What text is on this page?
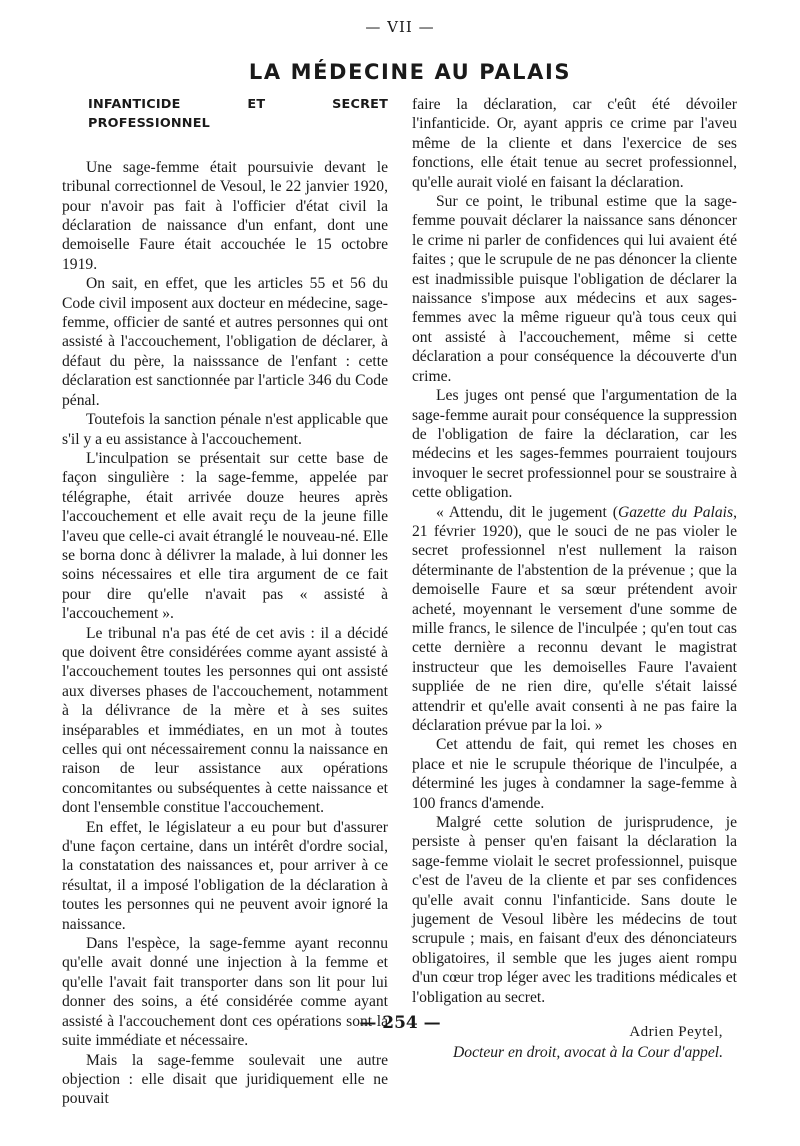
— VII —
LA MÉDECINE AU PALAIS
INFANTICIDE ET SECRET PROFESSIONNEL

Une sage-femme était poursuivie devant le tribunal correctionnel de Vesoul, le 22 janvier 1920, pour n'avoir pas fait à l'officier d'état civil la déclaration de naissance d'un enfant, dont une demoiselle Faure était accouchée le 15 octobre 1919.

On sait, en effet, que les articles 55 et 56 du Code civil imposent aux docteur en médecine, sage-femme, officier de santé et autres personnes qui ont assisté à l'accouchement, l'obligation de déclarer, à défaut du père, la naisssance de l'enfant : cette déclaration est sanctionnée par l'article 346 du Code pénal.

Toutefois la sanction pénale n'est applicable que s'il y a eu assistance à l'accouchement.

L'inculpation se présentait sur cette base de façon singulière : la sage-femme, appelée par télégraphe, était arrivée douze heures après l'accouchement et elle avait reçu de la jeune fille l'aveu que celle-ci avait étranglé le nouveau-né. Elle se borna donc à délivrer la malade, à lui donner les soins nécessaires et elle tira argument de ce fait pour dire qu'elle n'avait pas « assisté à l'accouchement ».

Le tribunal n'a pas été de cet avis : il a décidé que doivent être considérées comme ayant assisté à l'accouchement toutes les personnes qui ont assisté aux diverses phases de l'accouchement, notamment à la délivrance de la mère et à ses suites inséparables et immédiates, en un mot à toutes celles qui ont nécessairement connu la naissance en raison de leur assistance aux opérations concomitantes ou subséquentes à cette naissance et dont l'ensemble constitue l'accouchement.

En effet, le législateur a eu pour but d'assurer d'une façon certaine, dans un intérêt d'ordre social, la constatation des naissances et, pour arriver à ce résultat, il a imposé l'obligation de la déclaration à toutes les personnes qui ne peuvent avoir ignoré la naissance.

Dans l'espèce, la sage-femme ayant reconnu qu'elle avait donné une injection à la femme et qu'elle l'avait fait transporter dans son lit pour lui donner des soins, a été considérée comme ayant assisté à l'accouchement dont ces opérations sont la suite immédiate et nécessaire.

Mais la sage-femme soulevait une autre objection : elle disait que juridiquement elle ne pouvait

faire la déclaration, car c'eût été dévoiler l'infanticide. Or, ayant appris ce crime par l'aveu même de la cliente et dans l'exercice de ses fonctions, elle était tenue au secret professionnel, qu'elle aurait violé en faisant la déclaration.

Sur ce point, le tribunal estime que la sage-femme pouvait déclarer la naissance sans dénoncer le crime ni parler de confidences qui lui avaient été faites ; que le scrupule de ne pas dénoncer la cliente est inadmissible puisque l'obligation de déclarer la naissance s'impose aux médecins et aux sages-femmes avec la même rigueur qu'à tous ceux qui ont assisté à l'accouchement, même si cette déclaration a pour conséquence la découverte d'un crime.

Les juges ont pensé que l'argumentation de la sage-femme aurait pour conséquence la suppression de l'obligation de faire la déclaration, car les médecins et les sages-femmes pourraient toujours invoquer le secret professionnel pour se soustraire à cette obligation.

« Attendu, dit le jugement (Gazette du Palais, 21 février 1920), que le souci de ne pas violer le secret professionnel n'est nullement la raison déterminante de l'abstention de la prévenue ; que la demoiselle Faure et sa sœur prétendent avoir acheté, moyennant le versement d'une somme de mille francs, le silence de l'inculpée ; qu'en tout cas cette dernière a reconnu devant le magistrat instructeur que les demoiselles Faure l'avaient suppliée de ne rien dire, qu'elle s'était laissé attendrir et qu'elle avait consenti à ne pas faire la déclaration prévue par la loi. »

Cet attendu de fait, qui remet les choses en place et nie le scrupule théorique de l'inculpée, a déterminé les juges à condamner la sage-femme à 100 francs d'amende.

Malgré cette solution de jurisprudence, je persiste à penser qu'en faisant la déclaration la sage-femme violait le secret professionnel, puisque c'est de l'aveu de la cliente et par ses confidences qu'elle avait connu l'infanticide. Sans doute le jugement de Vesoul libère les médecins de tout scrupule ; mais, en faisant d'eux des dénonciateurs obligatoires, il semble que les juges aient rompu d'un cœur trop léger avec les traditions médicales et l'obligation au secret.

Adrien Peytel,
Docteur en droit, avocat à la Cour d'appel.
— 254 —
